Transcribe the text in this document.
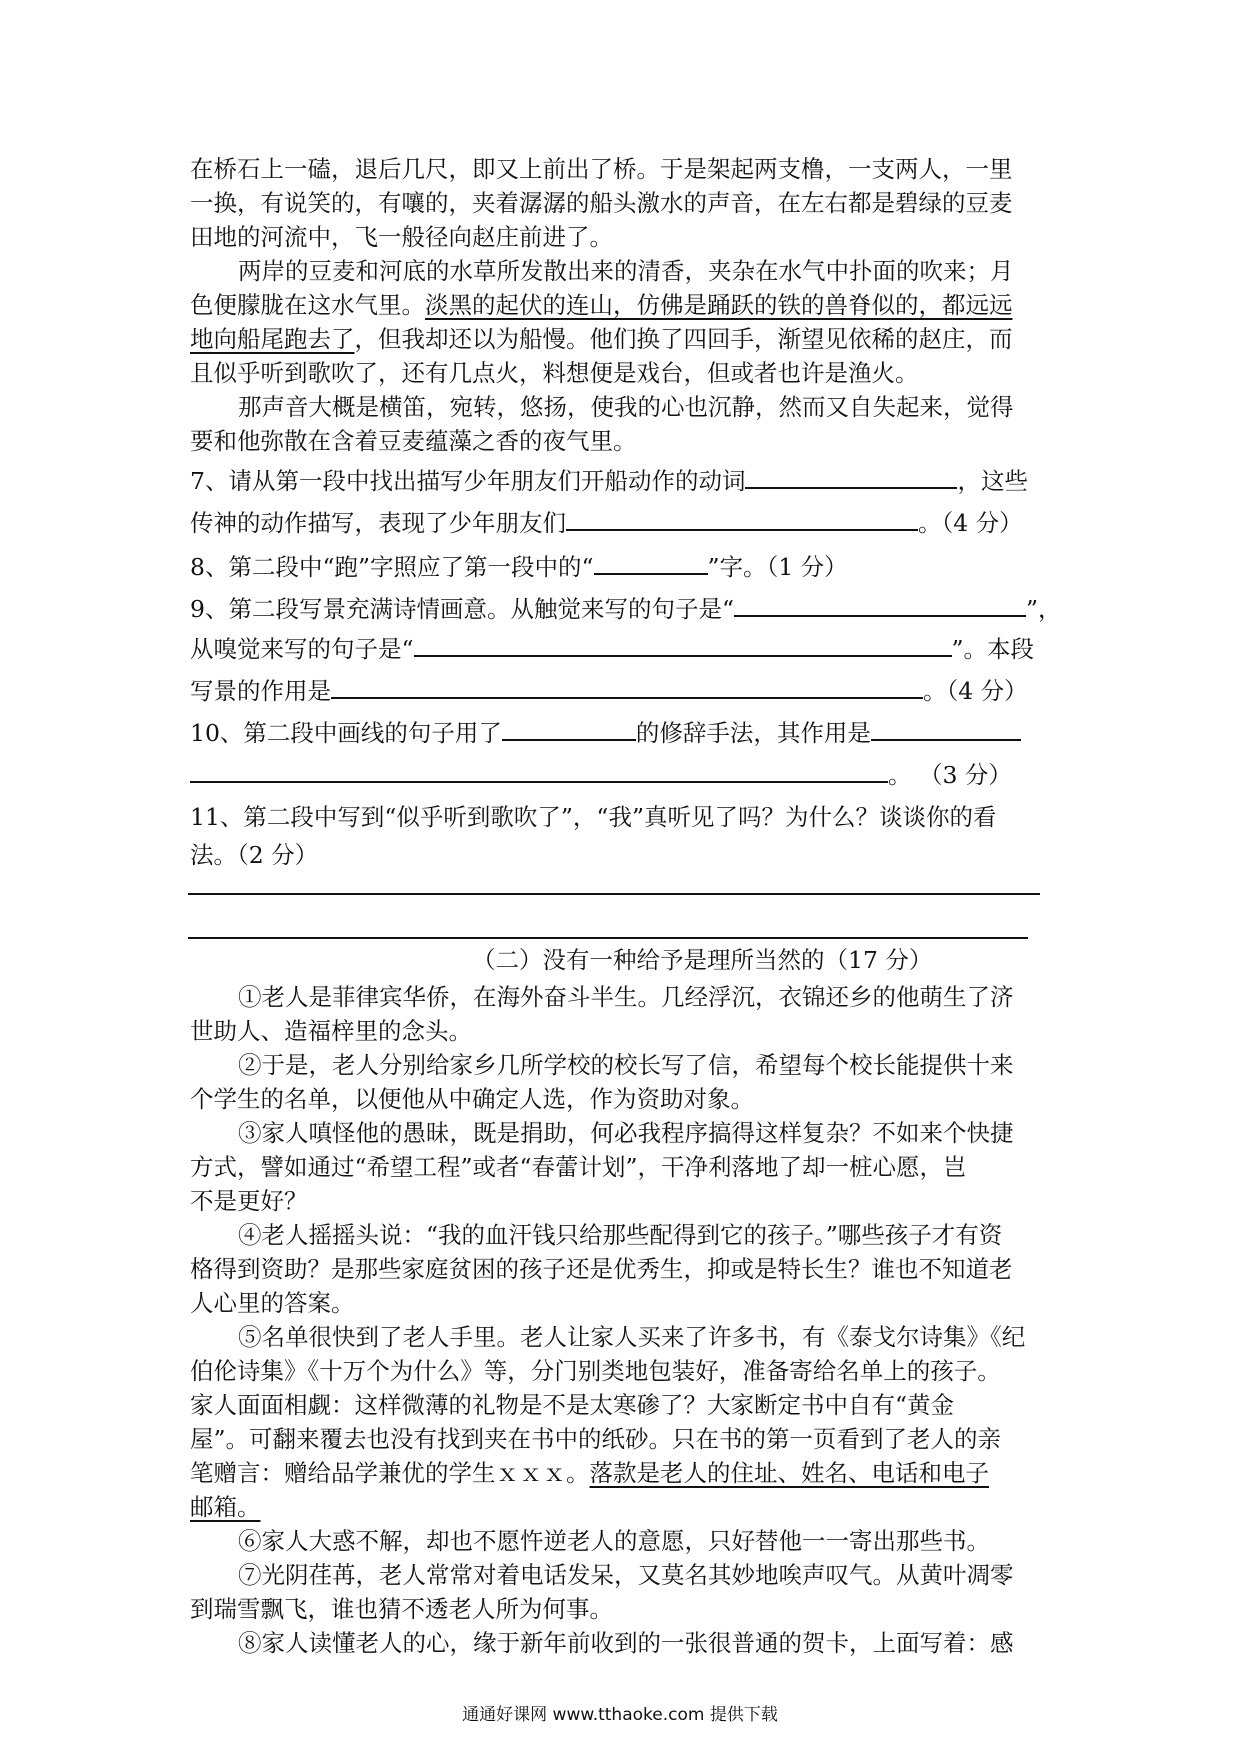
在桥石上一磕，退后几尺，即又上前出了桥。于是架起两支橹，一支两人，一里
一换，有说笑的，有嚷的，夹着潺潺的船头激水的声音，在左右都是碧绿的豆麦
田地的河流中，飞一般径向赵庄前进了。
两岸的豆麦和河底的水草所发散出来的清香，夹杂在水气中扑面的吹来；月
色便朦胧在这水气里。淡黑的起伏的连山，仿佛是踊跃的铁的兽脊似的，都远远
地向船尾跑去了，但我却还以为船慢。他们换了四回手，渐望见依稀的赵庄，而
且似乎听到歌吹了，还有几点火，料想便是戏台，但或者也许是渔火。
那声音大概是横笛，宛转，悠扬，使我的心也沉静，然而又自失起来，觉得
要和他弥散在含着豆麦蕴藻之香的夜气里。
7、请从第一段中找出描写少年朋友们开船动作的动词	，这些
传神的动作描写，表现了少年朋友们	。（4 分）
8、第二段中“跑”字照应了第一段中的“	”字。（1 分）
9、第二段写景充满诗情画意。从触觉来写的句子是“	”，
从嗅觉来写的句子是“	”。本段
写景的作用是	。（4 分）
10、第二段中画线的句子用了	的修辞手法，其作用是
。 （3 分）
11、第二段中写到“似乎听到歌吹了”，“我”真听见了吗？为什么？谈谈你的看
法。（2 分）
（二）没有一种给予是理所当然的（17 分）
①老人是菲律宾华侨，在海外奋斗半生。几经浮沉，衣锦还乡的他萌生了济
世助人、造福梓里的念头。
②于是，老人分别给家乡几所学校的校长写了信，希望每个校长能提供十来
个学生的名单，以便他从中确定人选，作为资助对象。
③家人嗔怪他的愚昧，既是捐助，何必我程序搞得这样复杂？不如来个快捷
方式，譬如通过“希望工程”或者“春蕾计划”，干净利落地了却一桩心愿，岂
不是更好？
④老人摇摇头说：“我的血汗钱只给那些配得到它的孩子。”哪些孩子才有资
格得到资助？是那些家庭贫困的孩子还是优秀生，抑或是特长生？谁也不知道老
人心里的答案。
⑤名单很快到了老人手里。老人让家人买来了许多书，有《泰戈尔诗集》《纪
伯伦诗集》《十万个为什么》等，分门别类地包装好，准备寄给名单上的孩子。
家人面面相觑：这样微薄的礼物是不是太寒碜了？大家断定书中自有“黄金
屋”。可翻来覆去也没有找到夹在书中的纸砂。只在书的第一页看到了老人的亲
笔赠言：赠给品学兼优的学生ｘｘｘ。落款是老人的住址、姓名、电话和电子
邮箱。
⑥家人大惑不解，却也不愿忤逆老人的意愿，只好替他一一寄出那些书。
⑦光阴荏苒，老人常常对着电话发呆，又莫名其妙地唉声叹气。从黄叶凋零
到瑞雪飘飞，谁也猜不透老人所为何事。
⑧家人读懂老人的心，缘于新年前收到的一张很普通的贺卡，上面写着：感
通通好课网 www.tthaoke.com 提供下载
